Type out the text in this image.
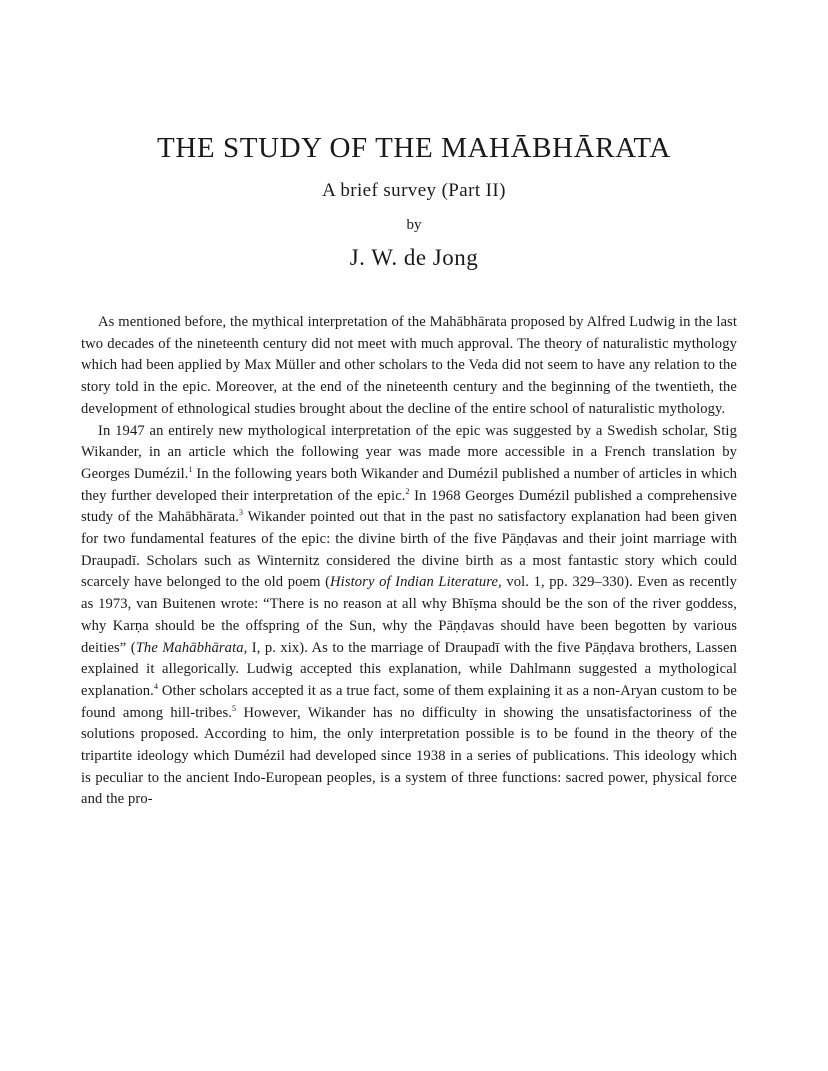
THE STUDY OF THE MAHĀBHĀRATA
A brief survey (Part II)
by
J. W. de Jong

As mentioned before, the mythical interpretation of the Mahābhārata proposed by Alfred Ludwig in the last two decades of the nineteenth century did not meet with much approval. The theory of naturalistic mythology which had been applied by Max Müller and other scholars to the Veda did not seem to have any relation to the story told in the epic. Moreover, at the end of the nineteenth century and the beginning of the twentieth, the development of ethnological studies brought about the decline of the entire school of naturalistic mythology.

In 1947 an entirely new mythological interpretation of the epic was suggested by a Swedish scholar, Stig Wikander, in an article which the following year was made more accessible in a French translation by Georges Dumézil.$^1$ In the following years both Wikander and Dumézil published a number of articles in which they further developed their interpretation of the epic.$^2$ In 1968 Georges Dumézil published a comprehensive study of the Mahābhārata.$^3$ Wikander pointed out that in the past no satisfactory explanation had been given for two fundamental features of the epic: the divine birth of the five Pāṇḍavas and their joint marriage with Draupadī. Scholars such as Winternitz considered the divine birth as a most fantastic story which could scarcely have belonged to the old poem (History of Indian Literature, vol. 1, pp. 329–330). Even as recently as 1973, van Buitenen wrote: “There is no reason at all why Bhīṣma should be the son of the river goddess, why Karṇa should be the offspring of the Sun, why the Pāṇḍavas should have been begotten by various deities” (The Mahābhārata, I, p. xix). As to the marriage of Draupadī with the five Pāṇḍava brothers, Lassen explained it allegorically. Ludwig accepted this explanation, while Dahlmann suggested a mythological explanation.$^4$ Other scholars accepted it as a true fact, some of them explaining it as a non-Aryan custom to be found among hill-tribes.$^5$ However, Wikander has no difficulty in showing the unsatisfactoriness of the solutions proposed. According to him, the only interpretation possible is to be found in the theory of the tripartite ideology which Dumézil had developed since 1938 in a series of publications. This ideology which is peculiar to the ancient Indo-European peoples, is a system of three functions: sacred power, physical force and the pro-
